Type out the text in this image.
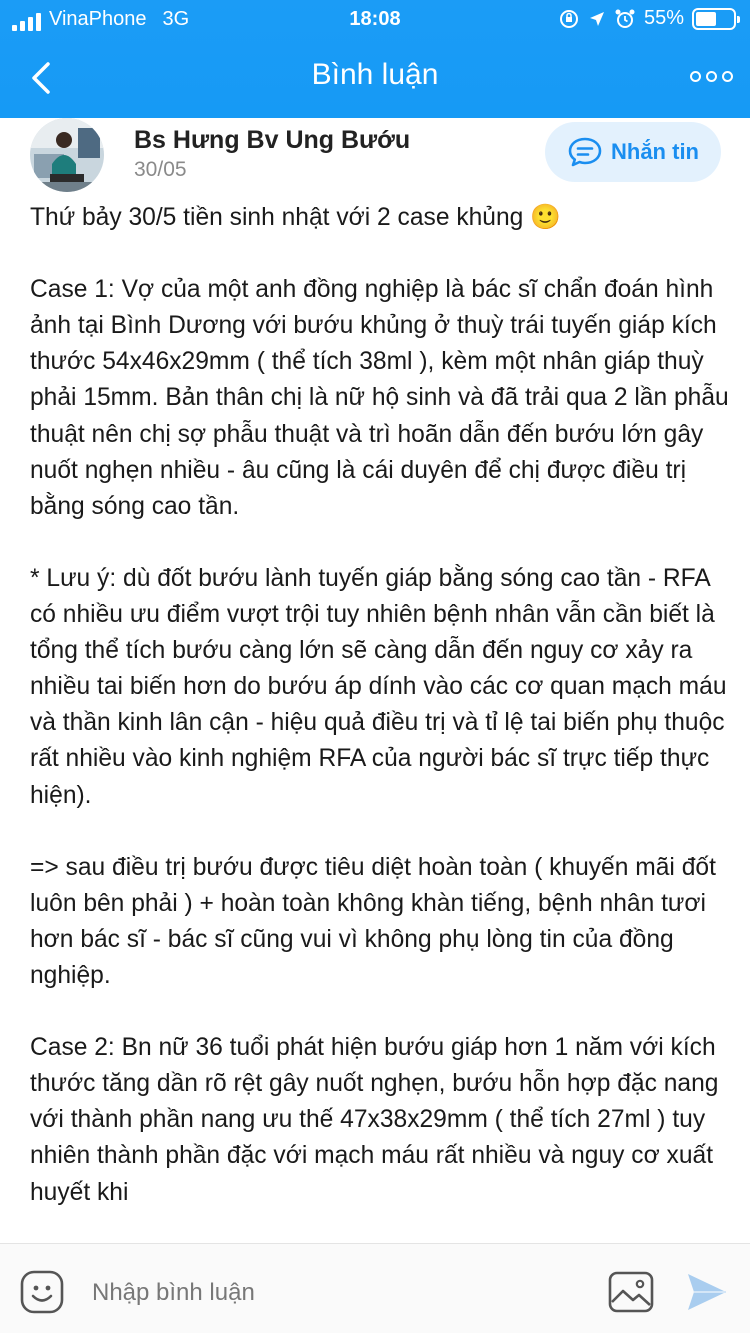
VinaPhone 3G	18:08	55%
Bình luận
Bs Hưng Bv Ung Bướu
30/05
Nhắn tin

Thứ bảy 30/5 tiền sinh nhật với 2 case khủng 🙂

Case 1: Vợ của một anh đồng nghiệp là bác sĩ chẩn đoán hình ảnh tại Bình Dương với bướu khủng ở thuỳ trái tuyến giáp kích thước 54x46x29mm ( thể tích 38ml ), kèm một nhân giáp thuỳ phải 15mm. Bản thân chị là nữ hộ sinh và đã trải qua 2 lần phẫu thuật nên chị sợ phẫu thuật và trì hoãn dẫn đến bướu lớn gây nuốt nghẹn nhiều - âu cũng là cái duyên để chị được điều trị bằng sóng cao tần.

* Lưu ý: dù đốt bướu lành tuyến giáp bằng sóng cao tần - RFA có nhiều ưu điểm vượt trội tuy nhiên bệnh nhân vẫn cần biết là tổng thể tích bướu càng lớn sẽ càng dẫn đến nguy cơ xảy ra nhiều tai biến hơn do bướu áp dính vào các cơ quan mạch máu và thần kinh lân cận - hiệu quả điều trị và tỉ lệ tai biến phụ thuộc rất nhiều vào kinh nghiệm RFA của người bác sĩ trực tiếp thực hiện).

=> sau điều trị bướu được tiêu diệt hoàn toàn ( khuyến mãi đốt luôn bên phải ) + hoàn toàn không khàn tiếng, bệnh nhân tươi hơn bác sĩ - bác sĩ cũng vui vì không phụ lòng tin của đồng nghiệp.

Case 2: Bn nữ 36 tuổi phát hiện bướu giáp hơn 1 năm với kích thước tăng dần rõ rệt gây nuốt nghẹn, bướu hỗn hợp đặc nang với thành phần nang ưu thế 47x38x29mm ( thể tích 27ml ) tuy nhiên thành phần đặc với mạch máu rất nhiều và nguy cơ xuất huyết khi

Nhập bình luận
